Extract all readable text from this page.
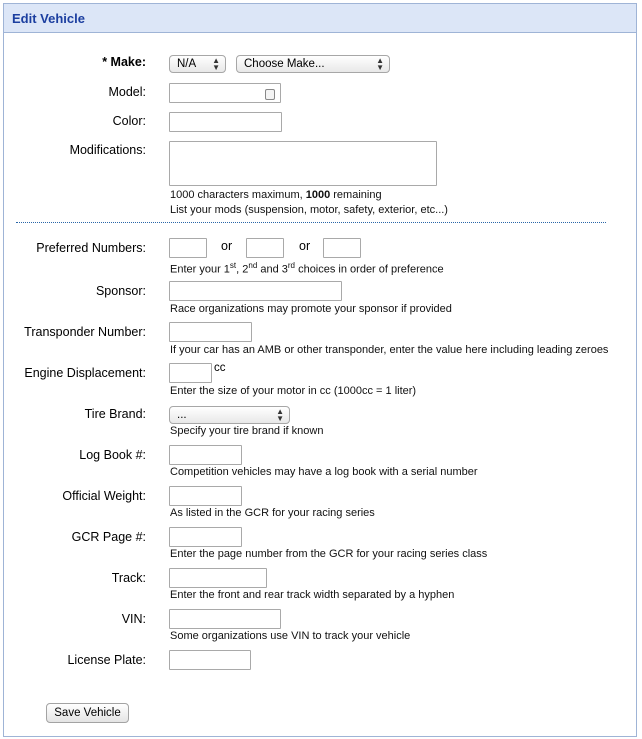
Edit Vehicle
* Make:	N/A ▲
▼ Choose Make...	▲
▼
Model:
Color:
Modifications:
1000 characters maximum, 1000 remaining
List your mods (suspension, motor, safety, exterior, etc...)
Preferred Numbers:	or	or
Enter your 1st, 2nd and 3rd choices in order of preference
Sponsor:
Race organizations may promote your sponsor if provided
Transponder Number:
If your car has an AMB or other transponder, enter the value here including leading zeroes
Engine Displacement:	cc
Enter the size of your motor in cc (1000cc = 1 liter)
Tire Brand:	...	▲
▼
Specify your tire brand if known
Log Book #:
Competition vehicles may have a log book with a serial number
Official Weight:
As listed in the GCR for your racing series
GCR Page #:
Enter the page number from the GCR for your racing series class
Track:
Enter the front and rear track width separated by a hyphen
VIN:
Some organizations use VIN to track your vehicle
License Plate:
Save Vehicle
